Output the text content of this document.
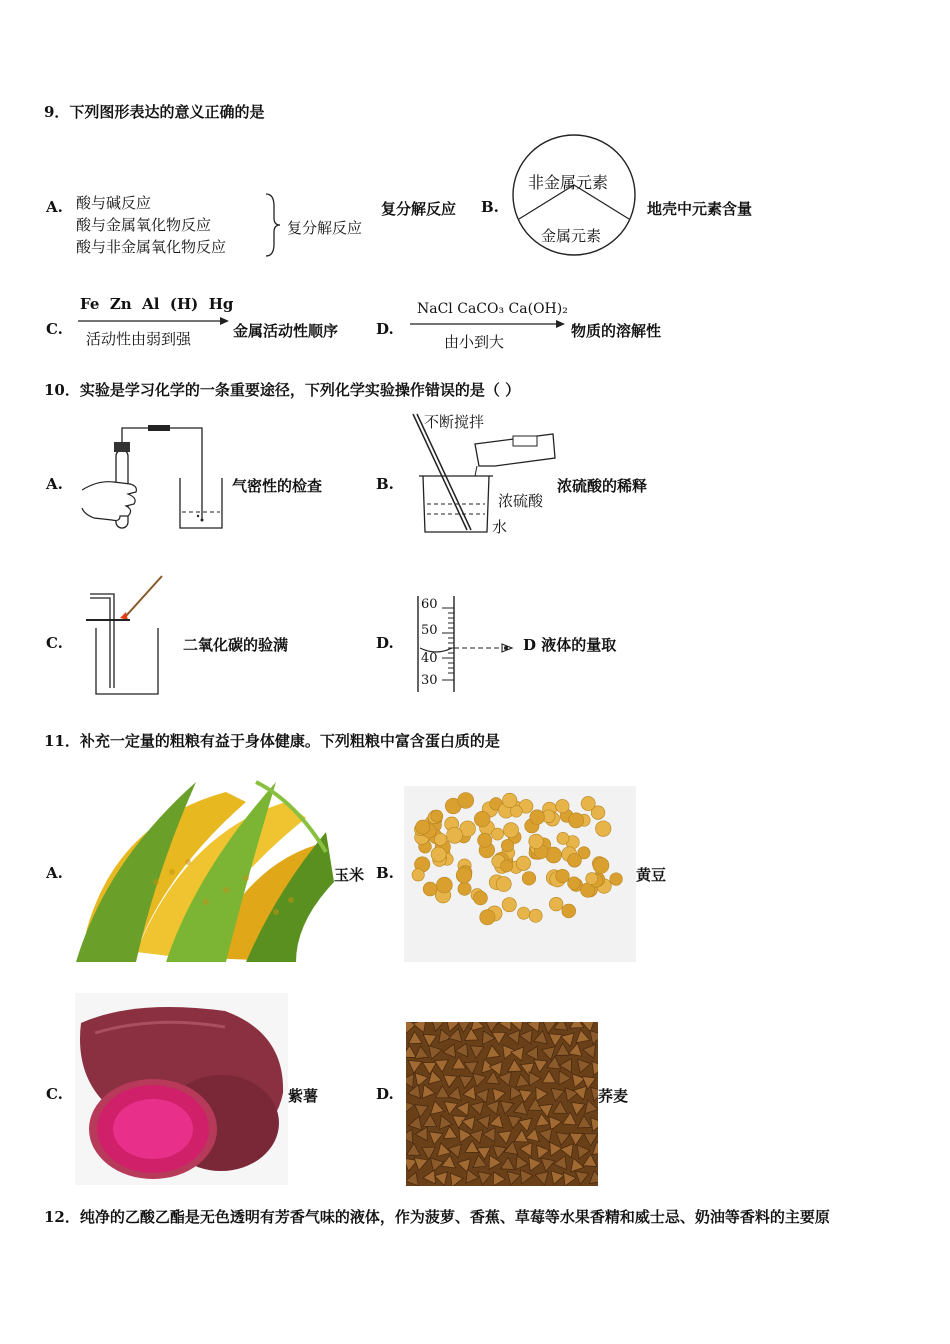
9．下列图形表达的意义正确的是
A. 酸与碱反应
酸与金属氧化物反应
酸与非金属氧化物反应
复分解反应
复分解反应 B.
非金属元素
金属元素
地壳中元素含量
C.
Fe  Zn  Al  (H)  Hg
活动性由弱到强	金属活动性顺序	D.
NaCl CaCO₃ Ca(OH)₂
由小到大
物质的溶解性
10．实验是学习化学的一条重要途径，下列化学实验操作错误的是（ ）
A.	气密性的检查	B.
不断搅拌
浓硫酸
水
浓硫酸的稀释
C.	二氧化碳的验满	D.
60
50
40
30
D 液体的量取
11．补充一定量的粗粮有益于身体健康。下列粗粮中富含蛋白质的是
A.	玉米 B.	黄豆
C.	紫薯	D.	荞麦
12．纯净的乙酸乙酯是无色透明有芳香气味的液体，作为菠萝、香蕉、草莓等水果香精和威士忌、奶油等香料的主要原
